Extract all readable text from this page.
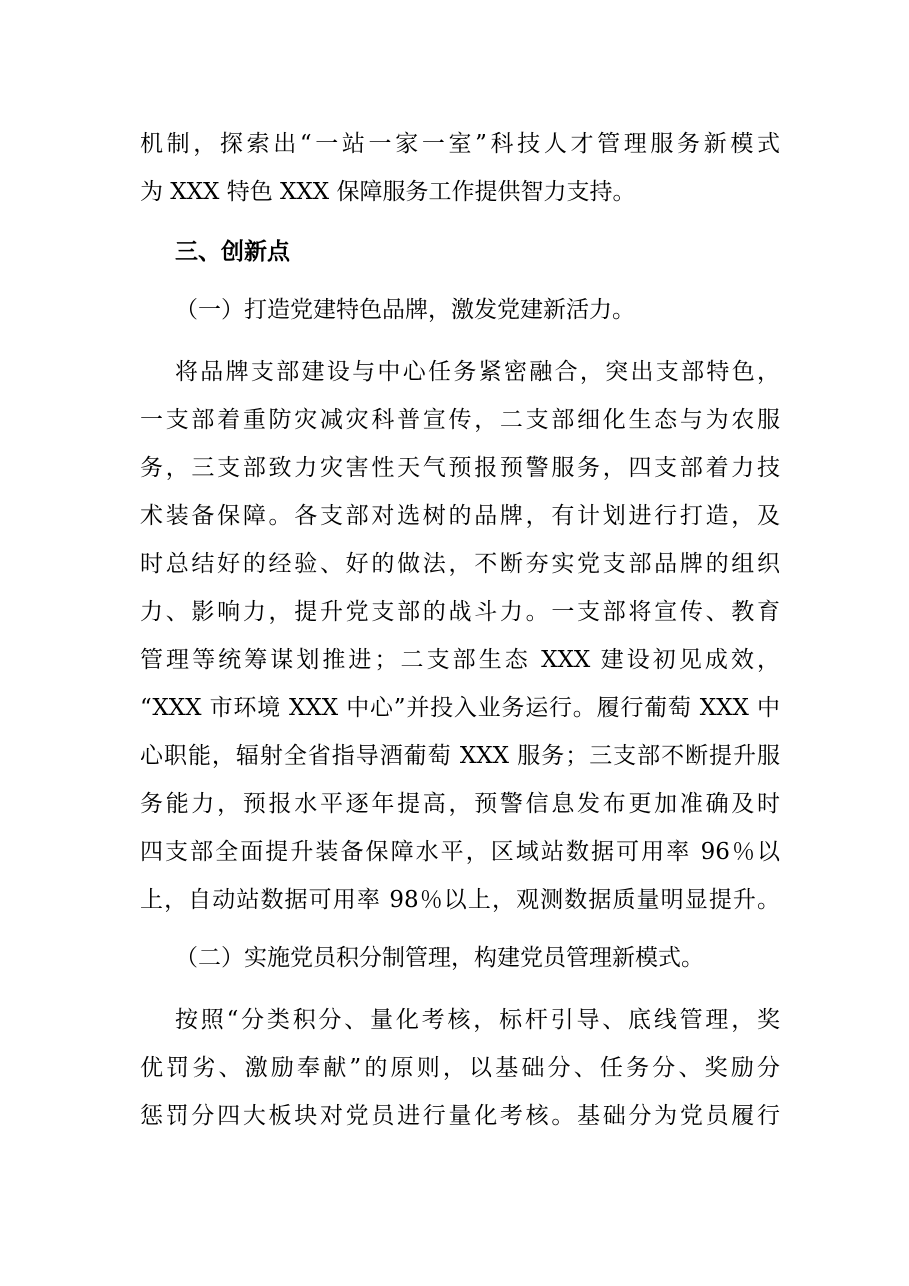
机制，探索出“一站一家一室”科技人才管理服务新模式
为 XXX 特色 XXX 保障服务工作提供智力支持。
三、创新点
（一）打造党建特色品牌，激发党建新活力。
将品牌支部建设与中心任务紧密融合，突出支部特色，
一支部着重防灾减灾科普宣传，二支部细化生态与为农服
务，三支部致力灾害性天气预报预警服务，四支部着力技
术装备保障。各支部对选树的品牌，有计划进行打造，及
时总结好的经验、好的做法，不断夯实党支部品牌的组织
力、影响力，提升党支部的战斗力。一支部将宣传、教育
管理等统筹谋划推进；二支部生态 XXX 建设初见成效，
“XXX 市环境 XXX 中心”并投入业务运行。履行葡萄 XXX 中
心职能，辐射全省指导酒葡萄 XXX 服务；三支部不断提升服
务能力，预报水平逐年提高，预警信息发布更加准确及时
四支部全面提升装备保障水平，区域站数据可用率 96％以
上，自动站数据可用率 98％以上，观测数据质量明显提升。
（二）实施党员积分制管理，构建党员管理新模式。
按照“分类积分、量化考核，标杆引导、底线管理，奖
优罚劣、激励奉献”的原则，以基础分、任务分、奖励分
惩罚分四大板块对党员进行量化考核。基础分为党员履行
